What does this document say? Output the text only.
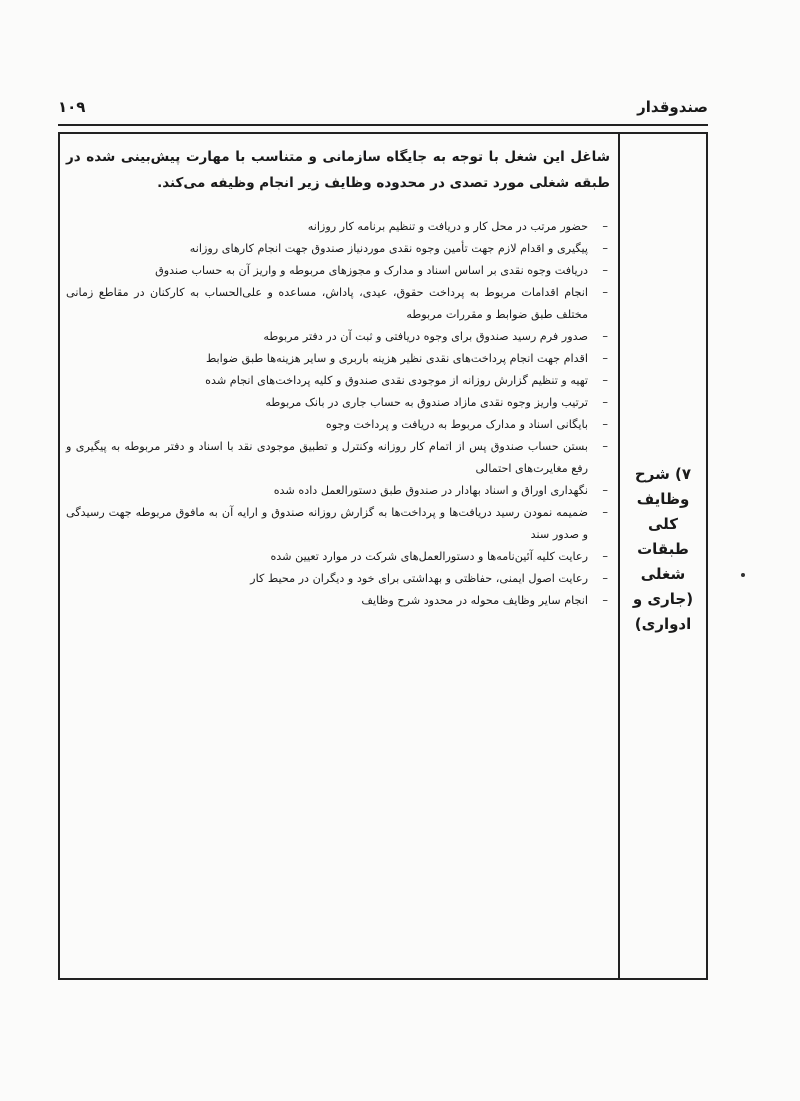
صندوقدار
۱۰۹
۷) شرح وظایف کلی طبقات شغلی (جاری و ادواری)
شاغل این شغل با توجه به جایگاه سازمانی و متناسب با مهارت پیش‌بینی شده در طبقه شغلی مورد تصدی در محدوده وظایف زیر انجام وظیفه می‌کند.
–
حضور مرتب در محل کار و دریافت و تنظیم برنامه کار روزانه
–
پیگیری و اقدام لازم جهت تأمین وجوه نقدی موردنیاز صندوق جهت انجام کارهای روزانه
–
دریافت وجوه نقدی بر اساس اسناد و مدارک و مجوزهای مربوطه و واریز آن به حساب صندوق
–
انجام اقدامات مربوط به پرداخت حقوق، عیدی، پاداش، مساعده و علی‌الحساب به کارکنان در مقاطع زمانی مختلف طبق ضوابط و مقررات مربوطه
–
صدور فرم رسید صندوق برای وجوه دریافتی و ثبت آن در دفتر مربوطه
–
اقدام جهت انجام پرداخت‌های نقدی نظیر هزینه باربری و سایر هزینه‌ها طبق ضوابط
–
تهیه و تنظیم گزارش روزانه از موجودی نقدی صندوق و کلیه پرداخت‌های انجام شده
–
ترتیب واریز وجوه نقدی مازاد صندوق به حساب جاری در بانک مربوطه
–
بایگانی اسناد و مدارک مربوط به دریافت و پرداخت وجوه
–
بستن حساب صندوق پس از اتمام کار روزانه وکنترل و تطبیق موجودی نقد با اسناد و دفتر مربوطه به پیگیری و رفع مغایرت‌های احتمالی
–
نگهداری اوراق و اسناد بهادار در صندوق طبق دستورالعمل داده شده
–
ضمیمه نمودن رسید دریافت‌ها و پرداخت‌ها به گزارش روزانه صندوق و ارایه آن به مافوق مربوطه جهت رسیدگی و صدور سند
–
رعایت کلیه آئین‌نامه‌ها و دستورالعمل‌های شرکت در موارد تعیین شده
–
رعایت اصول ایمنی، حفاظتی و بهداشتی برای خود و دیگران در محیط کار
–
انجام سایر وظایف محوله در محدود شرح وظایف
